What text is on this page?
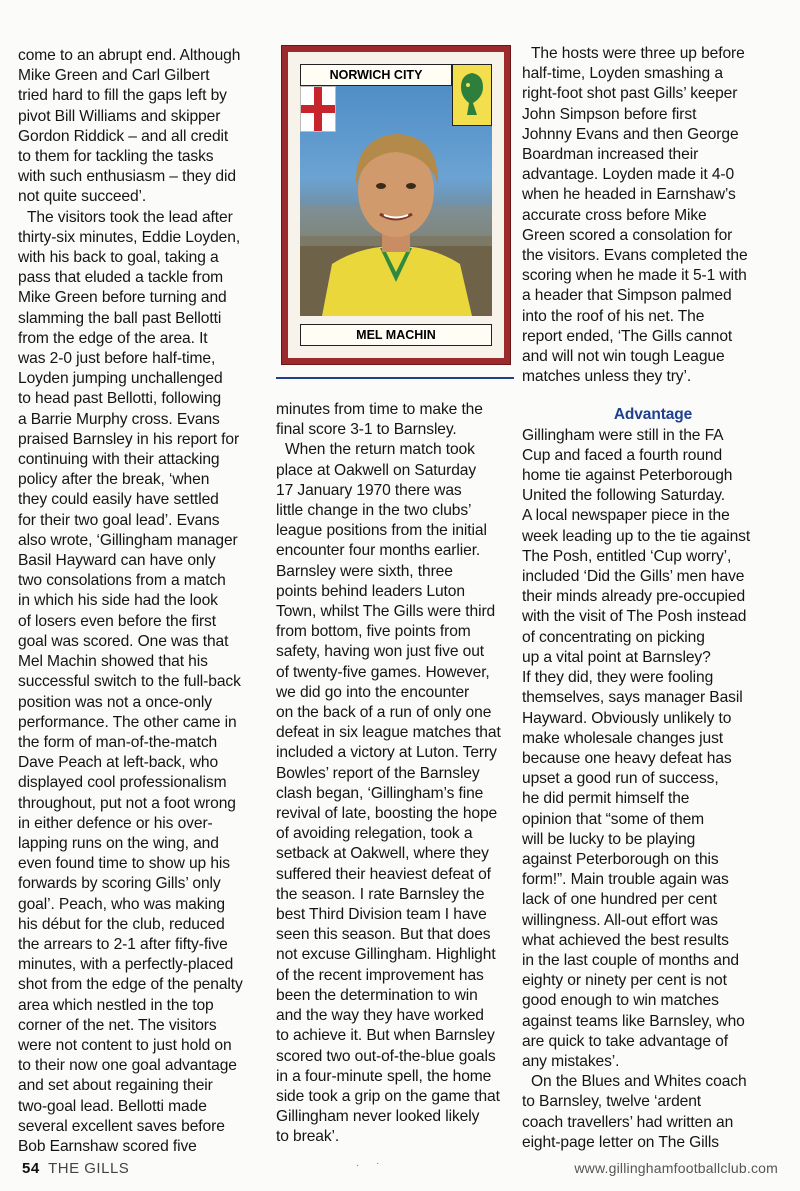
come to an abrupt end. Although
Mike Green and Carl Gilbert
tried hard to fill the gaps left by
pivot Bill Williams and skipper
Gordon Riddick – and all credit
to them for tackling the tasks
with such enthusiasm – they did
not quite succeed’.

The visitors took the lead after
thirty-six minutes, Eddie Loyden,
with his back to goal, taking a
pass that eluded a tackle from
Mike Green before turning and
slamming the ball past Bellotti
from the edge of the area. It
was 2-0 just before half-time,
Loyden jumping unchallenged
to head past Bellotti, following
a Barrie Murphy cross. Evans
praised Barnsley in his report for
continuing with their attacking
policy after the break, ‘when
they could easily have settled
for their two goal lead’. Evans
also wrote, ‘Gillingham manager
Basil Hayward can have only
two consolations from a match
in which his side had the look
of losers even before the first
goal was scored. One was that
Mel Machin showed that his
successful switch to the full-back
position was not a once-only
performance. The other came in
the form of man-of-the-match
Dave Peach at left-back, who
displayed cool professionalism
throughout, put not a foot wrong
in either defence or his over-
lapping runs on the wing, and
even found time to show up his
forwards by scoring Gills’ only
goal’. Peach, who was making
his début for the club, reduced
the arrears to 2-1 after fifty-five
minutes, with a perfectly-placed
shot from the edge of the penalty
area which nestled in the top
corner of the net. The visitors
were not content to just hold on
to their now one goal advantage
and set about regaining their
two-goal lead. Bellotti made
several excellent saves before
Bob Earnshaw scored five

NORWICH CITY
MEL MACHIN

minutes from time to make the
final score 3-1 to Barnsley.

When the return match took
place at Oakwell on Saturday
17 January 1970 there was
little change in the two clubs’
league positions from the initial
encounter four months earlier.
Barnsley were sixth, three
points behind leaders Luton
Town, whilst The Gills were third
from bottom, five points from
safety, having won just five out
of twenty-five games. However,
we did go into the encounter
on the back of a run of only one
defeat in six league matches that
included a victory at Luton. Terry
Bowles’ report of the Barnsley
clash began, ‘Gillingham’s fine
revival of late, boosting the hope
of avoiding relegation, took a
setback at Oakwell, where they
suffered their heaviest defeat of
the season. I rate Barnsley the
best Third Division team I have
seen this season. But that does
not excuse Gillingham. Highlight
of the recent improvement has
been the determination to win
and the way they have worked
to achieve it. But when Barnsley
scored two out-of-the-blue goals
in a four-minute spell, the home
side took a grip on the game that
Gillingham never looked likely
to break’.

The hosts were three up before
half-time, Loyden smashing a
right-foot shot past Gills’ keeper
John Simpson before first
Johnny Evans and then George
Boardman increased their
advantage. Loyden made it 4-0
when he headed in Earnshaw’s
accurate cross before Mike
Green scored a consolation for
the visitors. Evans completed the
scoring when he made it 5-1 with
a header that Simpson palmed
into the roof of his net. The
report ended, ‘The Gills cannot
and will not win tough League
matches unless they try’.

Advantage

Gillingham were still in the FA
Cup and faced a fourth round
home tie against Peterborough
United the following Saturday.
A local newspaper piece in the
week leading up to the tie against
The Posh, entitled ‘Cup worry’,
included ‘Did the Gills’ men have
their minds already pre-occupied
with the visit of The Posh instead
of concentrating on picking
up a vital point at Barnsley?
If they did, they were fooling
themselves, says manager Basil
Hayward. Obviously unlikely to
make wholesale changes just
because one heavy defeat has
upset a good run of success,
he did permit himself the
opinion that “some of them
will be lucky to be playing
against Peterborough on this
form!”. Main trouble again was
lack of one hundred per cent
willingness. All-out effort was
what achieved the best results
in the last couple of months and
eighty or ninety per cent is not
good enough to win matches
against teams like Barnsley, who
are quick to take advantage of
any mistakes’.

On the Blues and Whites coach
to Barnsley, twelve ‘ardent
coach travellers’ had written an
eight-page letter on The Gills

54 THE GILLS	www.gillinghamfootballclub.com
· ·
